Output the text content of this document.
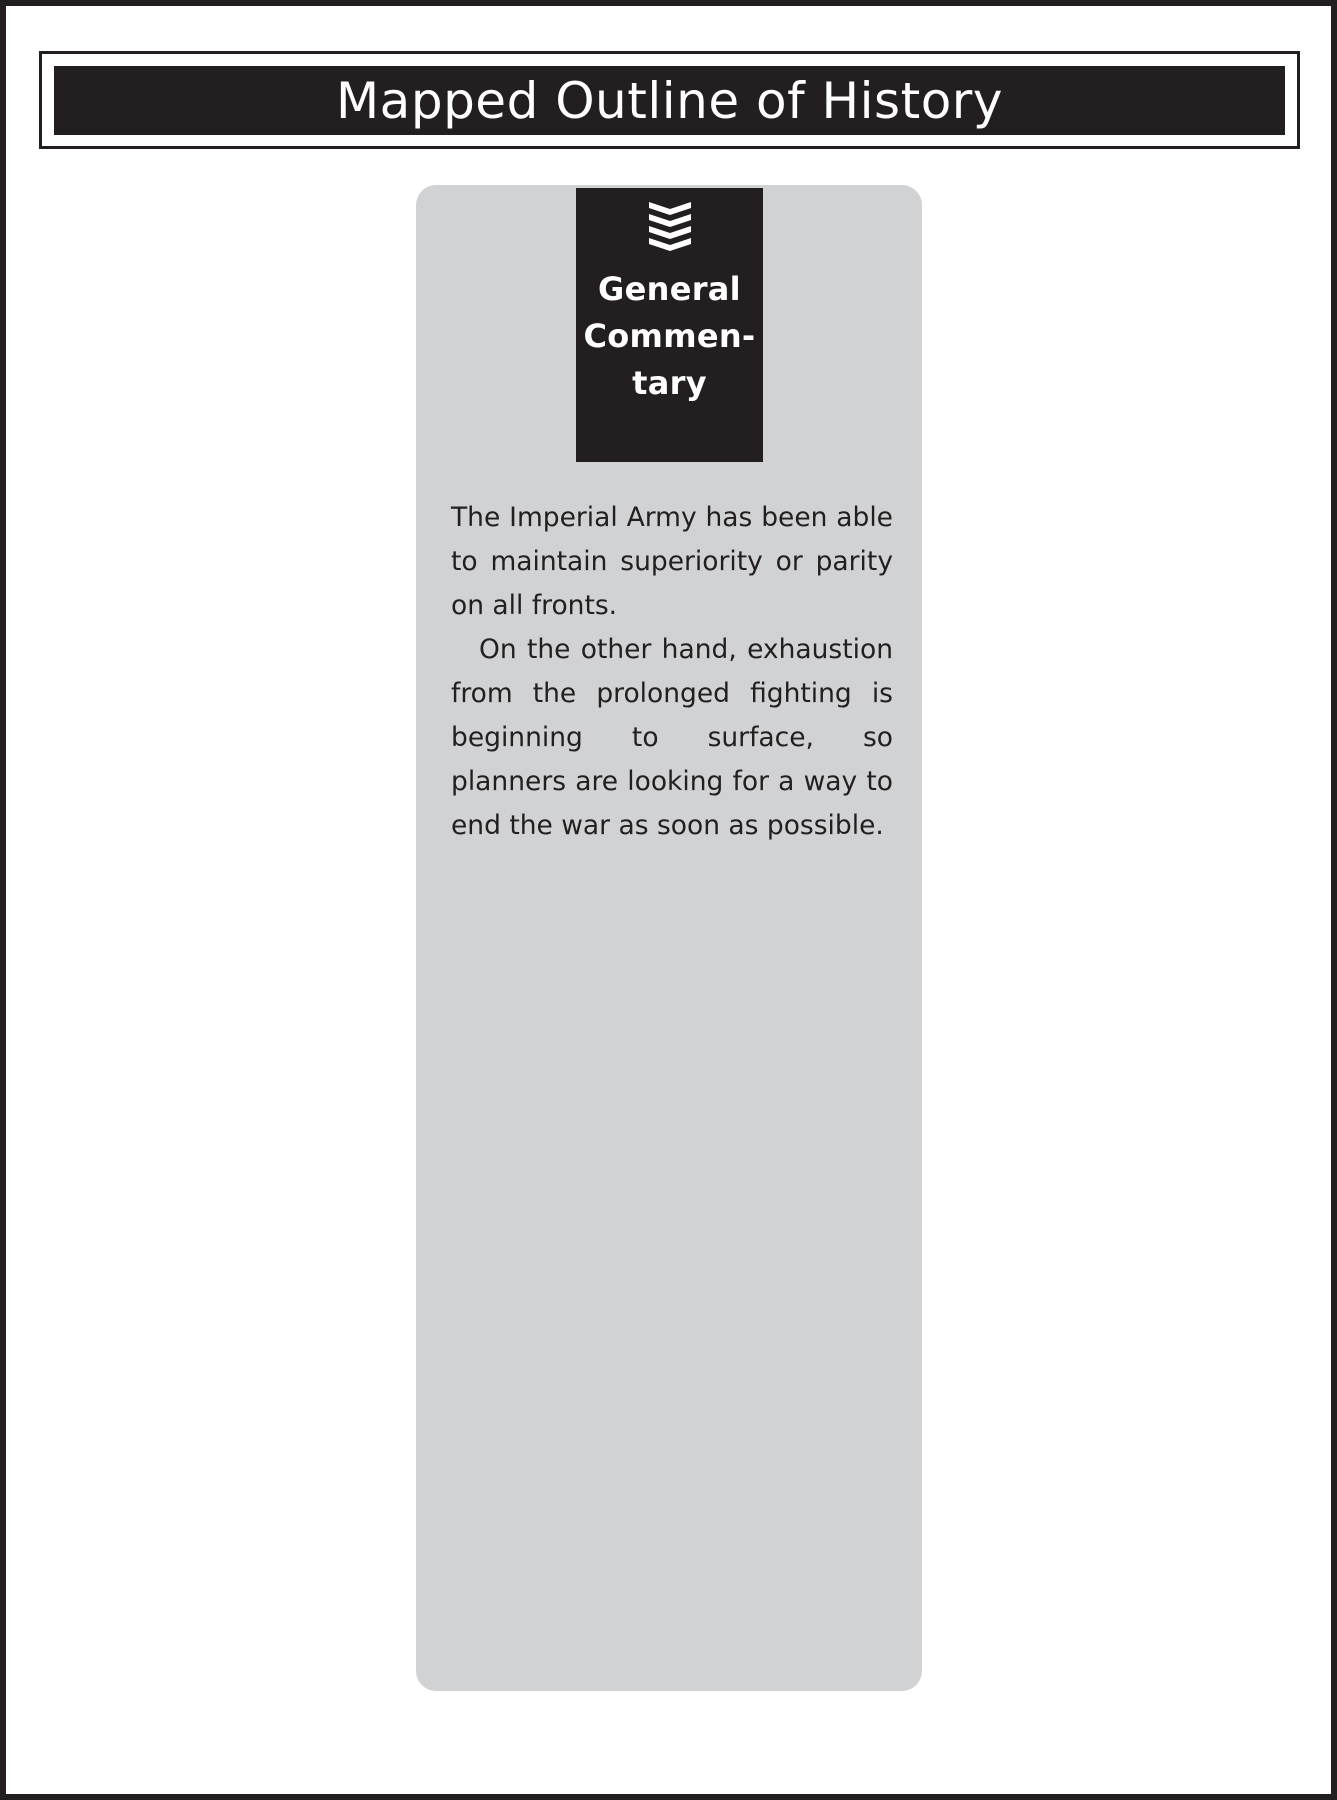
Mapped Outline of History
General
Commen-
tary

The Imperial Army has been able to maintain superiority or parity on all fronts.

On the other hand, exhaustion from the prolonged fighting is beginning to surface, so planners are looking for a way to end the war as soon as possible.
